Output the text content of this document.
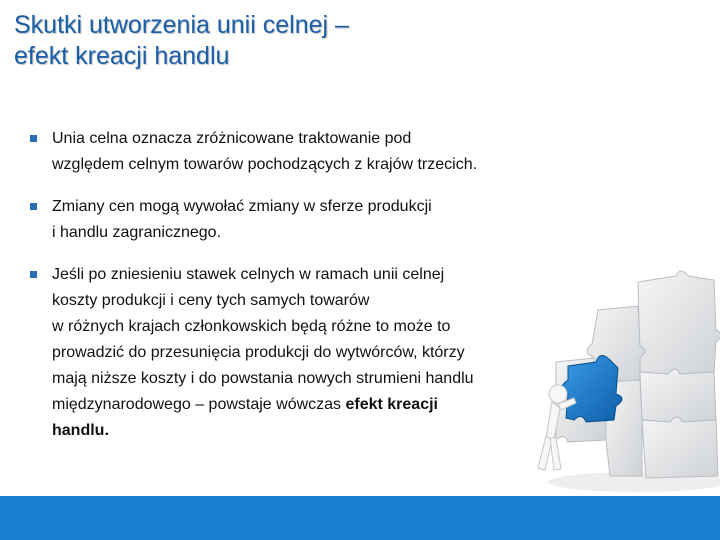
Skutki utworzenia unii celnej –
efekt kreacji handlu
Unia celna oznacza zróżnicowane traktowanie pod
względem celnym towarów pochodzących z krajów trzecich.
Zmiany cen mogą wywołać zmiany w sferze produkcji
i handlu zagranicznego.
Jeśli po zniesieniu stawek celnych w ramach unii celnej
koszty produkcji i ceny tych samych towarów
w różnych krajach członkowskich będą różne to może to
prowadzić do przesunięcia produkcji do wytwórców, którzy
mają niższe koszty i do powstania nowych strumieni handlu
międzynarodowego – powstaje wówczas efekt kreacji
handlu.
